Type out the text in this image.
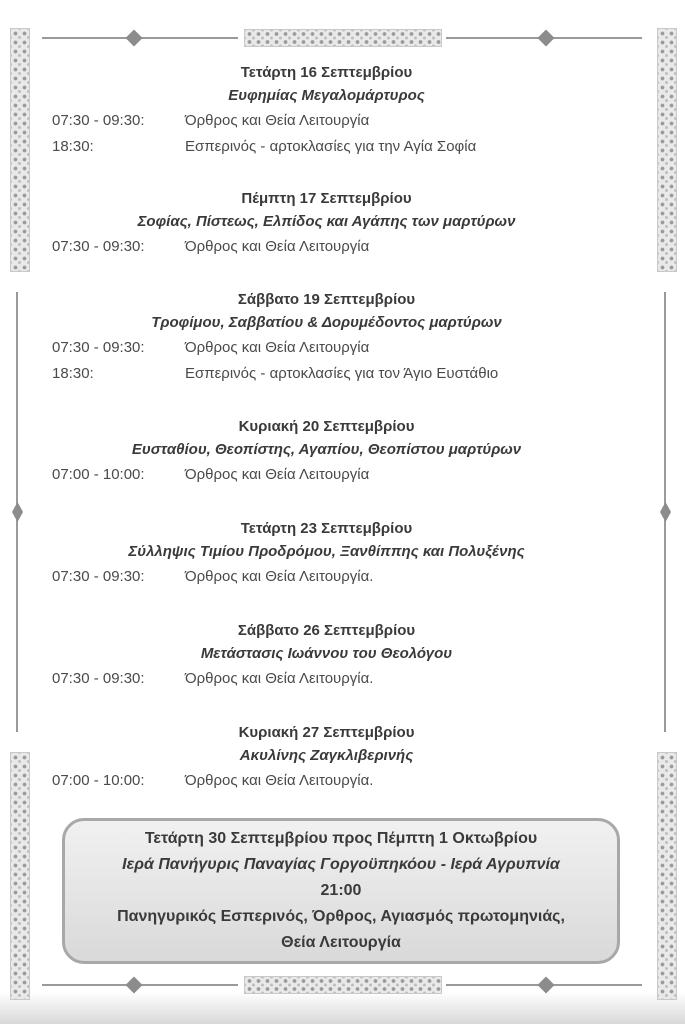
Τετάρτη 16 Σεπτεμβρίου
Ευφημίας Μεγαλομάρτυρος
07:30 - 09:30:	Όρθρος και Θεία Λειτουργία
18:30:	Εσπερινός - αρτοκλασίες για την Αγία Σοφία
Πέμπτη 17 Σεπτεμβρίου
Σοφίας, Πίστεως, Ελπίδος και Αγάπης των μαρτύρων
07:30 - 09:30:	Όρθρος και Θεία Λειτουργία
Σάββατο 19 Σεπτεμβρίου
Τροφίμου, Σαββατίου & Δορυμέδοντος μαρτύρων
07:30 - 09:30:	Όρθρος και Θεία Λειτουργία
18:30:	Εσπερινός - αρτοκλασίες για τον Άγιο Ευστάθιο
Κυριακή 20 Σεπτεμβρίου
Ευσταθίου, Θεοπίστης, Αγαπίου, Θεοπίστου μαρτύρων
07:00 - 10:00:	Όρθρος και Θεία Λειτουργία
Τετάρτη 23 Σεπτεμβρίου
Σύλληψις Τιμίου Προδρόμου, Ξανθίππης και Πολυξένης
07:30 - 09:30:	Όρθρος και Θεία Λειτουργία.
Σάββατο 26 Σεπτεμβρίου
Μετάστασις Ιωάννου του Θεολόγου
07:30 - 09:30:	Όρθρος και Θεία Λειτουργία.
Κυριακή 27 Σεπτεμβρίου
Ακυλίνης Ζαγκλιβερινής
07:00 - 10:00:	Όρθρος και Θεία Λειτουργία.
Τετάρτη 30 Σεπτεμβρίου προς Πέμπτη 1 Οκτωβρίου
Ιερά Πανήγυρις Παναγίας Γοργοϋπηκόου - Ιερά Αγρυπνία
21:00
Πανηγυρικός Εσπερινός, Όρθρος, Αγιασμός πρωτομηνιάς,
Θεία Λειτουργία
